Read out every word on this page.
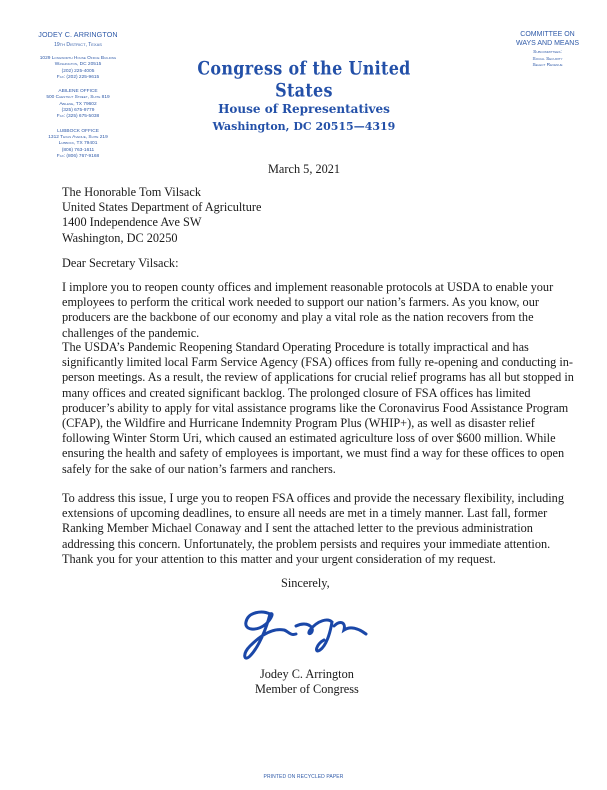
JODEY C. ARRINGTON
19th District, Texas
1029 Longworth House Office Building
Washington, DC 20515
(202) 225-4005
Fax: (202) 225-9615
ABILENE OFFICE
500 Chestnut Street, Suite 819
Abilene, TX 79602
(325) 675-9779
Fax: (325) 675-5038
LUBBOCK OFFICE
1312 Texas Avenue, Suite 219
Lubbock, TX 79401
(806) 763-1611
Fax: (806) 767-9168
Congress of the United States
House of Representatives
Washington, DC 20515—4319
COMMITTEE ON
WAYS AND MEANS
Subcommittees:
Social Security
Select Revenue
March 5, 2021
The Honorable Tom Vilsack
United States Department of Agriculture
1400 Independence Ave SW
Washington, DC 20250
Dear Secretary Vilsack:

I implore you to reopen county offices and implement reasonable protocols at USDA to enable your employees to perform the critical work needed to support our nation’s farmers. As you know, our producers are the backbone of our economy and play a vital role as the nation recovers from the challenges of the pandemic.

The USDA’s Pandemic Reopening Standard Operating Procedure is totally impractical and has significantly limited local Farm Service Agency (FSA) offices from fully re-opening and conducting in-person meetings. As a result, the review of applications for crucial relief programs has all but stopped in many offices and created significant backlog. The prolonged closure of FSA offices has limited producer’s ability to apply for vital assistance programs like the Coronavirus Food Assistance Program (CFAP), the Wildfire and Hurricane Indemnity Program Plus (WHIP+), as well as disaster relief following Winter Storm Uri, which caused an estimated agriculture loss of over $600 million. While ensuring the health and safety of employees is important, we must find a way for these offices to open safely for the sake of our nation’s farmers and ranchers.

To address this issue, I urge you to reopen FSA offices and provide the necessary flexibility, including extensions of upcoming deadlines, to ensure all needs are met in a timely manner. Last fall, former Ranking Member Michael Conaway and I sent the attached letter to the previous administration addressing this concern. Unfortunately, the problem persists and requires your immediate attention. Thank you for your attention to this matter and your urgent consideration of my request.

Sincerely,
Jodey C. Arrington
Member of Congress
PRINTED ON RECYCLED PAPER
